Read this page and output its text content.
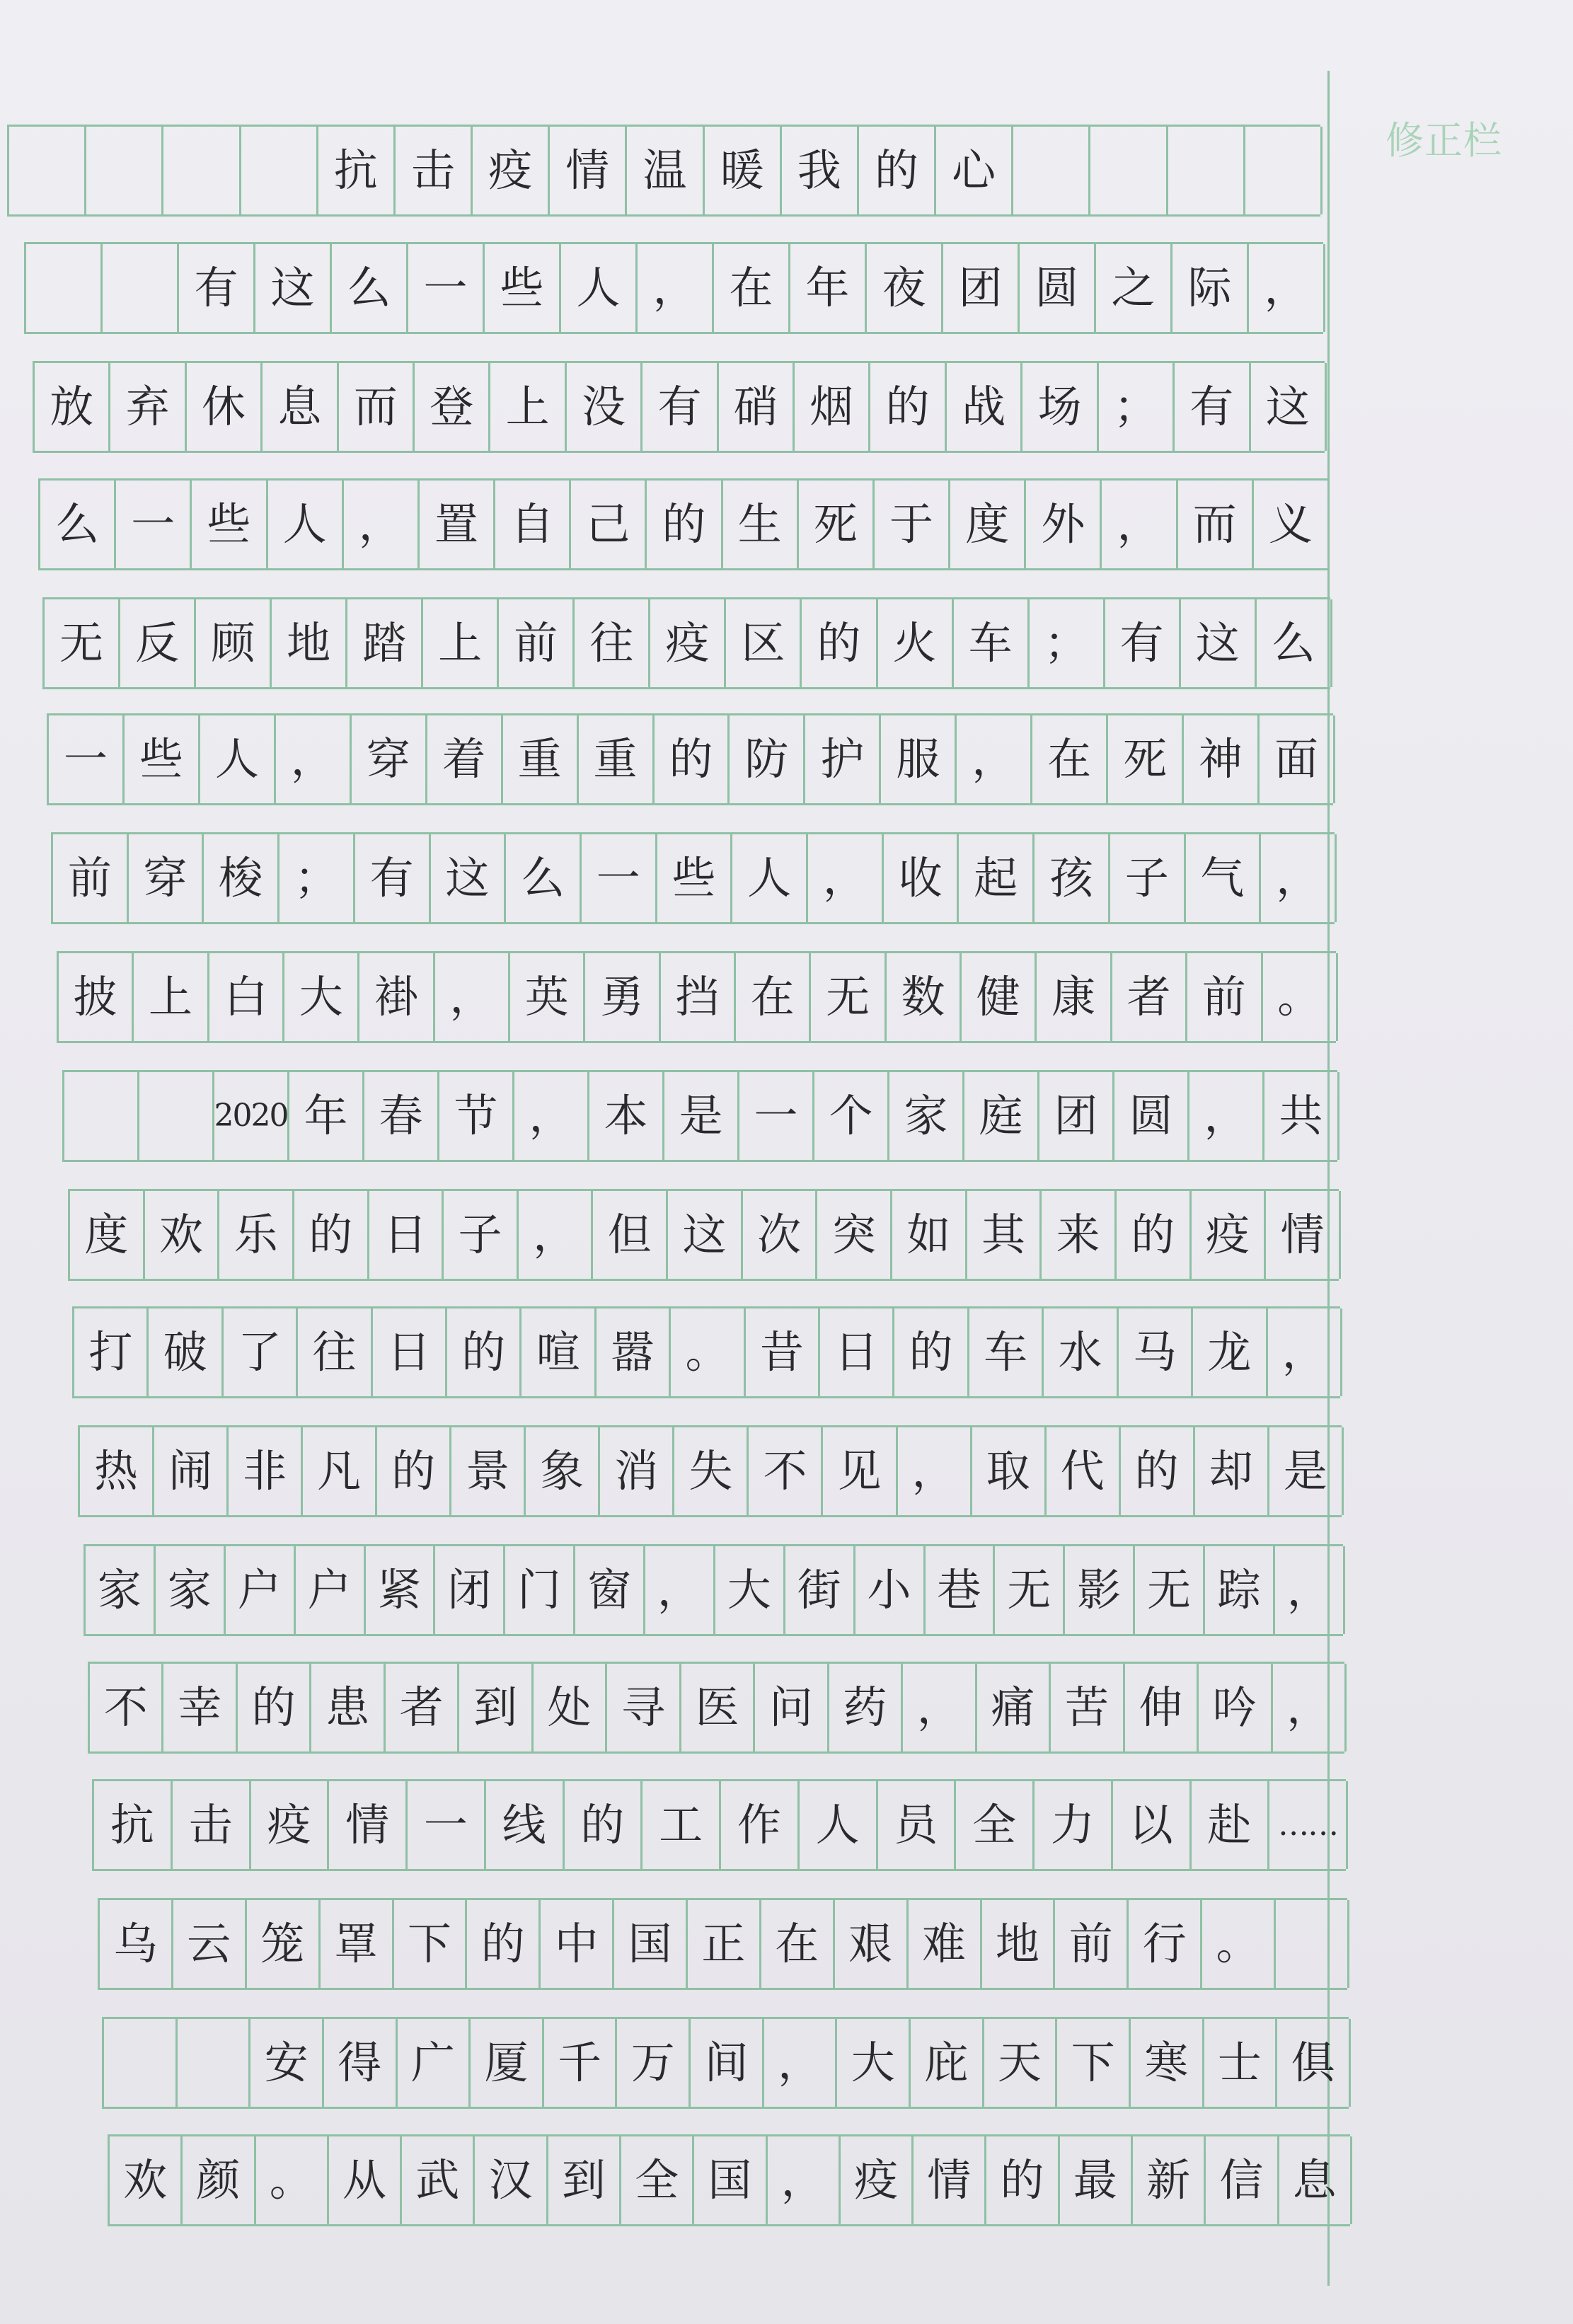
修正栏
抗 击 疫 情 温 暖 我 的 心
有 这 么 一 些 人 ， 在 年 夜 团 圆 之 际 ，
放 弃 休 息 而 登 上 没 有 硝 烟 的 战 场 ； 有 这
么 一 些 人 ， 置 自 己 的 生 死 于 度 外 ， 而 义
无 反 顾 地 踏 上 前 往 疫 区 的 火 车 ； 有 这 么
一 些 人 ， 穿 着 重 重 的 防 护 服 ， 在 死 神 面
前 穿 梭 ； 有 这 么 一 些 人 ， 收 起 孩 子 气 ，
披 上 白 大 褂 ， 英 勇 挡 在 无 数 健 康 者 前 。
2020 年 春 节 ， 本 是 一 个 家 庭 团 圆 ， 共
度 欢 乐 的 日 子 ， 但 这 次 突 如 其 来 的 疫 情
打 破 了 往 日 的 喧 嚣 。 昔 日 的 车 水 马 龙 ，
热 闹 非 凡 的 景 象 消 失 不 见 ， 取 代 的 却 是
家 家 户 户 紧 闭 门 窗 ， 大 街 小 巷 无 影 无 踪 ，
不 幸 的 患 者 到 处 寻 医 问 药 ， 痛 苦 伸 吟 ，
抗 击 疫 情 一 线 的 工 作 人 员 全 力 以 赴 ……
乌 云 笼 罩 下 的 中 国 正 在 艰 难 地 前 行 。
安 得 广 厦 千 万 间 ， 大 庇 天 下 寒 士 俱
欢 颜 。 从 武 汉 到 全 国 ， 疫 情 的 最 新 信 息
